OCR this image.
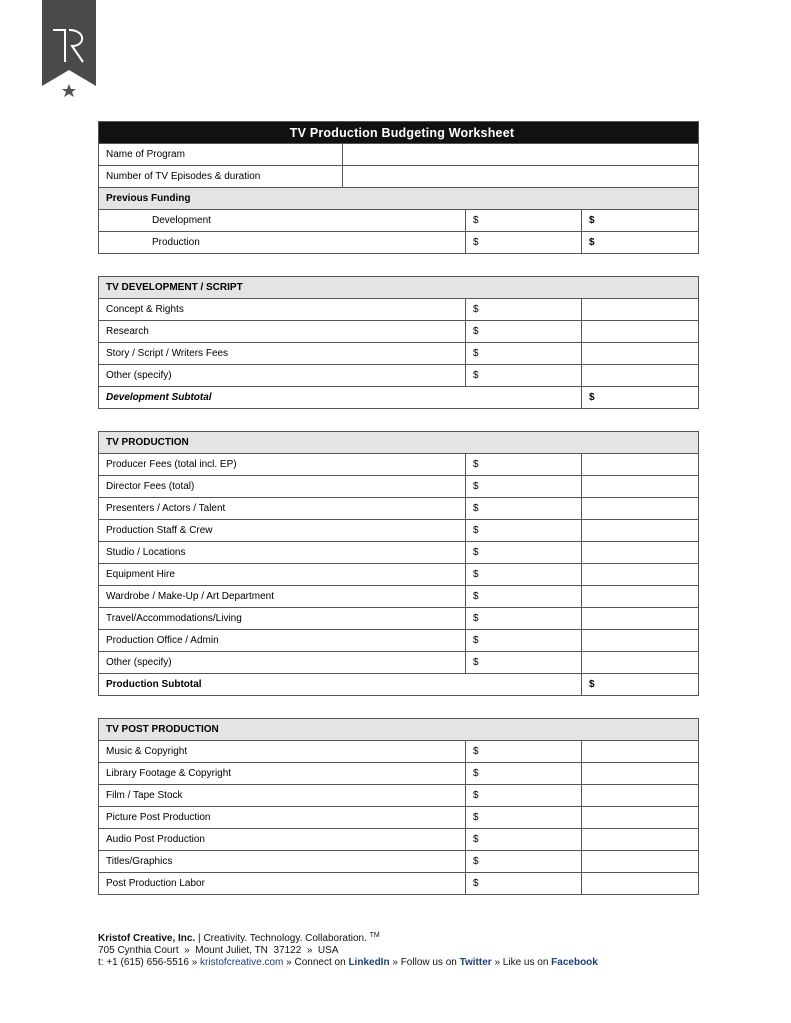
TV Production Budgeting Worksheet			
Name of Program			
Number of TV Episodes & duration			
Previous Funding			
Development		$	$
Production		$	$
TV DEVELOPMENT / SCRIPT		
Concept & Rights	$	
Research	$	
Story / Script / Writers Fees	$	
Other (specify)	$	
Development Subtotal		$
TV PRODUCTION		
Producer Fees (total incl. EP)	$	
Director Fees (total)	$	
Presenters / Actors / Talent	$	
Production Staff & Crew	$	
Studio / Locations	$	
Equipment Hire	$	
Wardrobe / Make-Up / Art Department	$	
Travel/Accommodations/Living	$	
Production Office / Admin	$	
Other (specify)	$	
Production Subtotal		$
TV POST PRODUCTION		
Music & Copyright	$	
Library Footage & Copyright	$	
Film / Tape Stock	$	
Picture Post Production	$	
Audio Post Production	$	
Titles/Graphics	$	
Post Production Labor	$	
Kristof Creative, Inc. | Creativity. Technology. Collaboration. ™
705 Cynthia Court  »  Mount Juliet, TN  37122  »  USA
t: +1 (615) 656-5516 » kristofcreative.com » Connect on LinkedIn » Follow us on Twitter » Like us on Facebook
